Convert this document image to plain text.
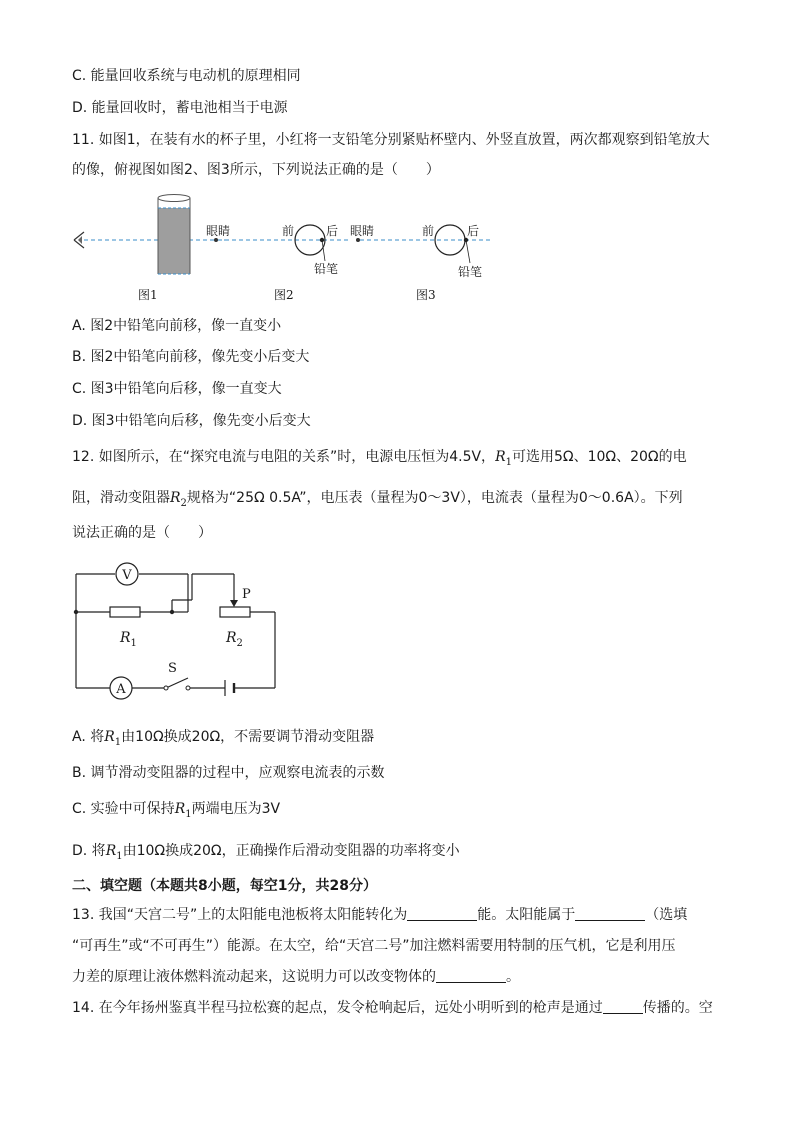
C. 能量回收系统与电动机的原理相同
D. 能量回收时，蓄电池相当于电源
11. 如图1，在装有水的杯子里，小红将一支铅笔分别紧贴杯壁内、外竖直放置，两次都观察到铅笔放大
的像，俯视图如图2、图3所示，下列说法正确的是（　　）
图1
眼睛	前	后
铅笔
图2
眼睛	前	后
铅笔
图3
A. 图2中铅笔向前移，像一直变小
B. 图2中铅笔向前移，像先变小后变大
C. 图3中铅笔向后移，像一直变大
D. 图3中铅笔向后移，像先变小后变大
12. 如图所示，在“探究电流与电阻的关系”时，电源电压恒为4.5V，$R_1$可选用5Ω、10Ω、20Ω的电
阻，滑动变阻器$R_2$规格为“25Ω 0.5A”，电压表（量程为0～3V），电流表（量程为0～0.6A）。下列
说法正确的是（　　）
V
$R_1$
P
$R_2$
A
S
A. 将$R_1$由10Ω换成20Ω，不需要调节滑动变阻器
B. 调节滑动变阻器的过程中，应观察电流表的示数
C. 实验中可保持$R_1$两端电压为3V
D. 将$R_1$由10Ω换成20Ω，正确操作后滑动变阻器的功率将变小
二、填空题（本题共8小题，每空1分，共28分）
13. 我国“天宫二号”上的太阳能电池板将太阳能转化为	能。太阳能属于	（选填
“可再生”或“不可再生”）能源。在太空，给“天宫二号”加注燃料需要用特制的压气机，它是利用压
力差的原理让液体燃料流动起来，这说明力可以改变物体的	。
14. 在今年扬州鉴真半程马拉松赛的起点，发令枪响起后，远处小明听到的枪声是通过	传播的。空
